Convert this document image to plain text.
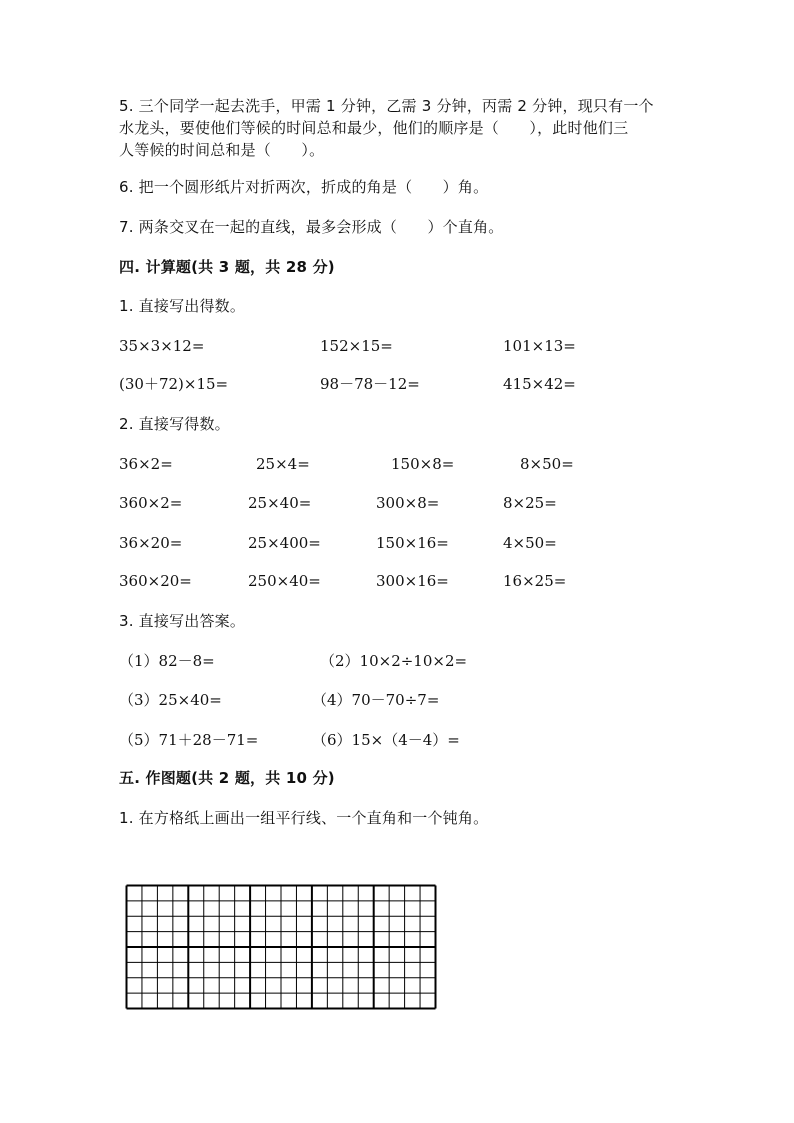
5. 三个同学一起去洗手，甲需 1 分钟，乙需 3 分钟，丙需 2 分钟，现只有一个
水龙头，要使他们等候的时间总和最少，他们的顺序是（　　），此时他们三
人等候的时间总和是（　　）。
6. 把一个圆形纸片对折两次，折成的角是（　　）角。
7. 两条交叉在一起的直线，最多会形成（　　）个直角。
四. 计算题(共 3 题，共 28 分)
1. 直接写出得数。
35×3×12=	152×15=	101×13=
(30＋72)×15=	98－78－12=	415×42=
2. 直接写得数。
36×2=	25×4=	150×8=	8×50=
360×2=	25×40=	300×8=	8×25=
36×20=	25×400=	150×16=	4×50=
360×20=	250×40=	300×16=	16×25=
3. 直接写出答案。
（1）82－8=	（2）10×2÷10×2=
（3）25×40=	（4）70－70÷7=
（5）71＋28－71=	（6）15×（4－4）=
五. 作图题(共 2 题，共 10 分)
1. 在方格纸上画出一组平行线、一个直角和一个钝角。
